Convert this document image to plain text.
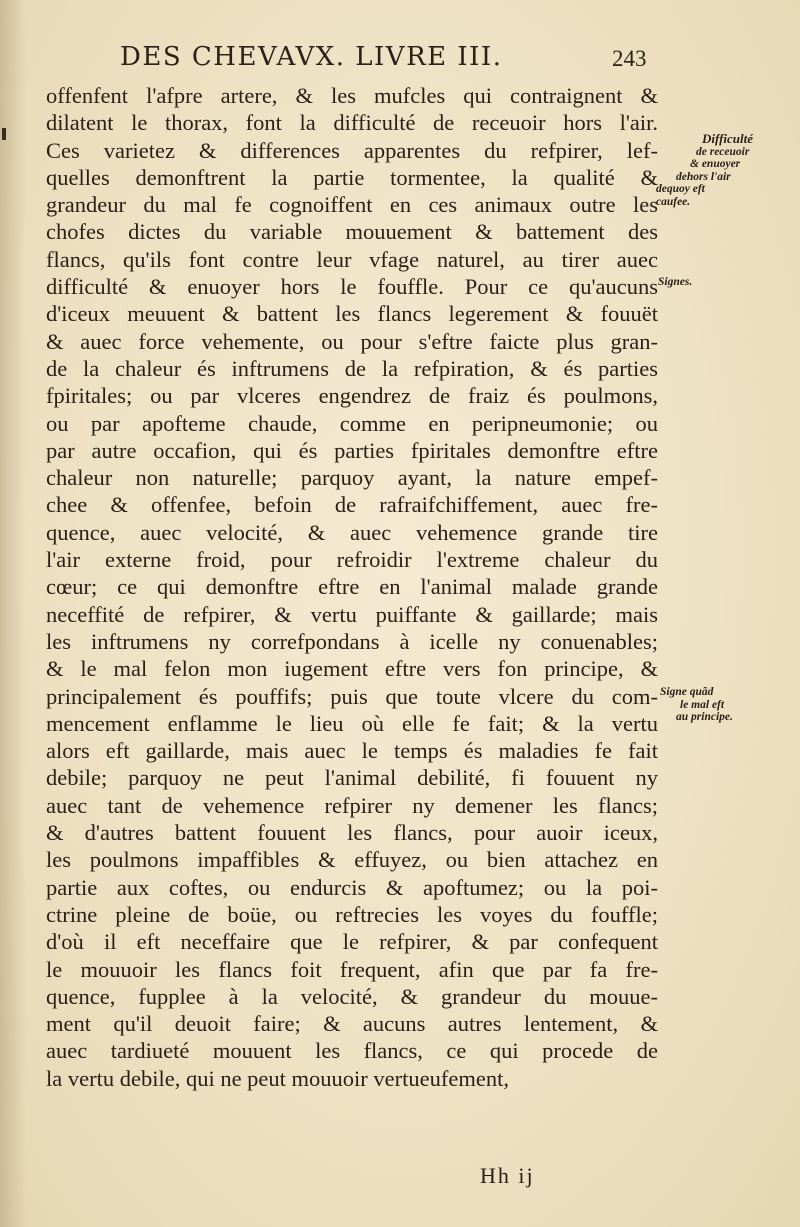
DES CHEVAVX. LIVRE III.	243
offenfent l'afpre artere, & les mufcles qui contraignent &
dilatent le thorax, font la difficulté de receuoir hors l'air.
Ces varietez & differences apparentes du refpirer, lef-
quelles demonftrent la partie tormentee, la qualité &
grandeur du mal fe cognoiffent en ces animaux outre les
chofes dictes du variable mouuement & battement des
flancs, qu'ils font contre leur vfage naturel, au tirer auec
difficulté & enuoyer hors le fouffle. Pour ce qu'aucuns
d'iceux meuuent & battent les flancs legerement & fouuët
& auec force vehemente, ou pour s'eftre faicte plus gran-
de la chaleur és inftrumens de la refpiration, & és parties
fpiritales; ou par vlceres engendrez de fraiz és poulmons,
ou par apofteme chaude, comme en peripneumonie; ou
par autre occafion, qui és parties fpiritales demonftre eftre
chaleur non naturelle; parquoy ayant, la nature empef-
chee & offenfee, befoin de rafraifchiffement, auec fre-
quence, auec velocité, & auec vehemence grande tire
l'air externe froid, pour refroidir l'extreme chaleur du
cœur; ce qui demonftre eftre en l'animal malade grande
neceffité de refpirer, & vertu puiffante & gaillarde; mais
les inftrumens ny correfpondans à icelle ny conuenables;
& le mal felon mon iugement eftre vers fon principe, &
principalement és pouffifs; puis que toute vlcere du com-
mencement enflamme le lieu où elle fe fait; & la vertu
alors eft gaillarde, mais auec le temps és maladies fe fait
debile; parquoy ne peut l'animal debilité, fi fouuent ny
auec tant de vehemence refpirer ny demener les flancs;
& d'autres battent fouuent les flancs, pour auoir iceux,
les poulmons impaffibles & effuyez, ou bien attachez en
partie aux coftes, ou endurcis & apoftumez; ou la poi-
ctrine pleine de boüe, ou reftrecies les voyes du fouffle;
d'où il eft neceffaire que le refpirer, & par confequent
le mouuoir les flancs foit frequent, afin que par fa fre-
quence, fupplee à la velocité, & grandeur du mouue-
ment qu'il deuoit faire; & aucuns autres lentement, &
auec tardiueté mouuent les flancs, ce qui procede de
la vertu debile, qui ne peut mouuoir vertueufement,
Difficulté
de receuoir
& enuoyer
dehors l'air
dequoy eft
caufee.
Signes.
Signe quãd
le mal eft
au principe.
Hh ij
